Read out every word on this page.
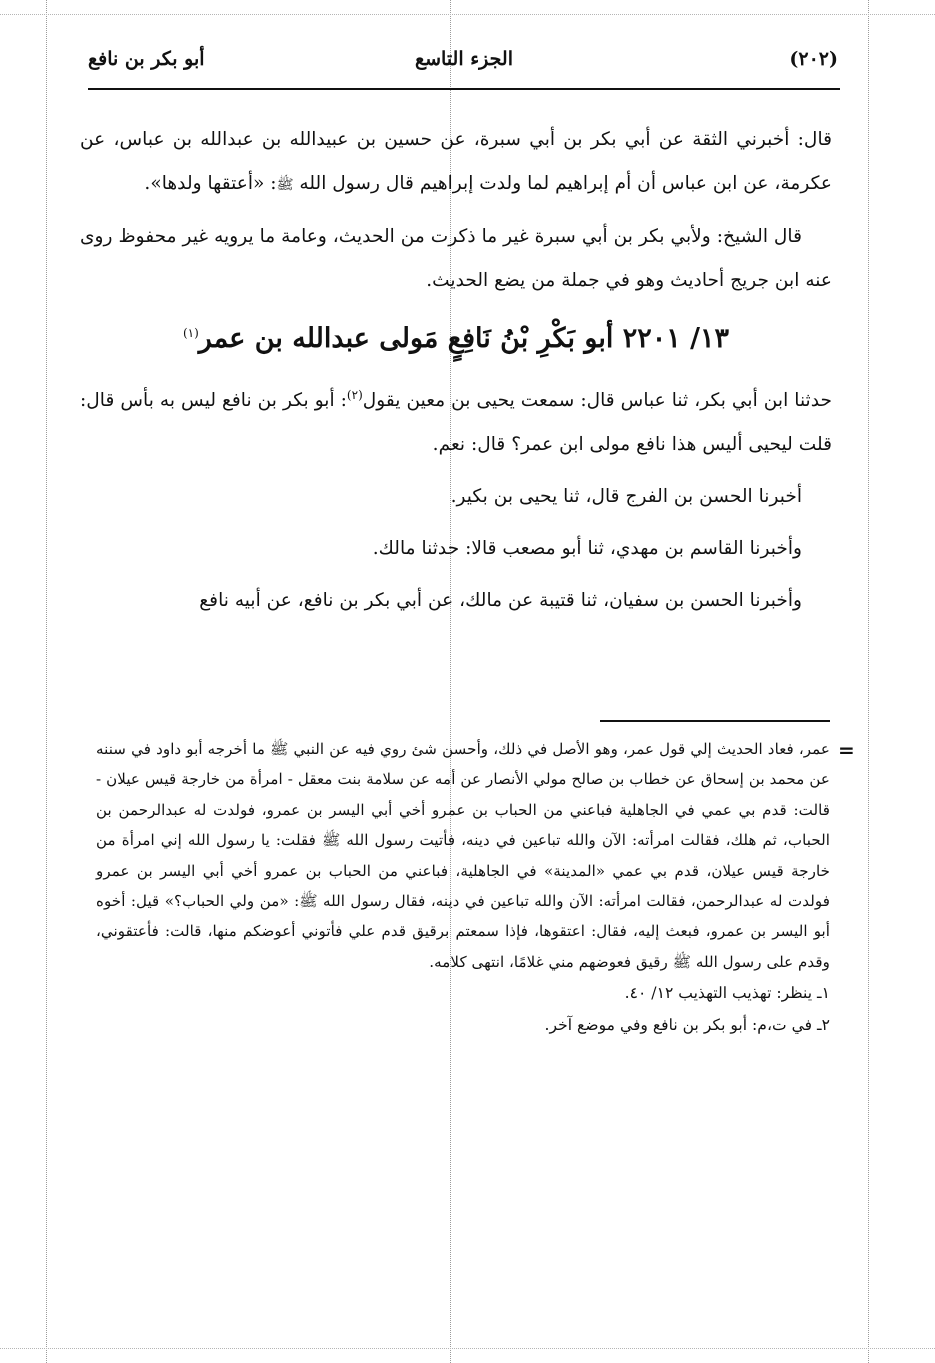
(٢٠٢)
الجزء التاسع
أبو بكر بن نافع

قال: أخبرني الثقة عن أبي بكر بن أبي سبرة، عن حسين بن عبيدالله بن عبدالله بن عباس، عن عكرمة، عن ابن عباس أن أم إبراهيم لما ولدت إبراهيم قال رسول الله ﷺ: «أعتقها ولدها».

قال الشيخ: ولأبي بكر بن أبي سبرة غير ما ذكرت من الحديث، وعامة ما يرويه غير محفوظ روى عنه ابن جريج أحاديث وهو في جملة من يضع الحديث.

١٣/ ٢٢٠١ أبو بَكْرِ بْنُ نَافِعٍ مَولى عبدالله بن عمر$^{(١)}$

حدثنا ابن أبي بكر، ثنا عباس قال: سمعت يحيى بن معين يقول$^{(٢)}$: أبو بكر بن نافع ليس به بأس قال: قلت ليحيى أليس هذا نافع مولى ابن عمر؟ قال: نعم.

أخبرنا الحسن بن الفرج قال، ثنا يحيى بن بكير.

وأخبرنا القاسم بن مهدي، ثنا أبو مصعب قالا: حدثنا مالك.

وأخبرنا الحسن بن سفيان، ثنا قتيبة عن مالك، عن أبي بكر بن نافع، عن أبيه نافع

=

عمر، فعاد الحديث إلي قول عمر، وهو الأصل في ذلك، وأحسن شئ روي فيه عن النبي ﷺ ما أخرجه أبو داود في سننه عن محمد بن إسحاق عن خطاب بن صالح مولي الأنصار عن أمه عن سلامة بنت معقل - امرأة من خارجة قيس عيلان - قالت: قدم بي عمي في الجاهلية فباعني من الحباب بن عمرو أخي أبي اليسر بن عمرو، فولدت له عبدالرحمن بن الحباب، ثم هلك، فقالت امرأته: الآن والله تباعين في دينه، فأتيت رسول الله ﷺ فقلت: يا رسول الله إني امرأة من خارجة قيس عيلان، قدم بي عمي «المدينة» في الجاهلية، فباعني من الحباب بن عمرو أخي أبي اليسر بن عمرو فولدت له عبدالرحمن، فقالت امرأته: الآن والله تباعين في دينه، فقال رسول الله ﷺ: «من ولي الحباب؟» قيل: أخوه أبو اليسر بن عمرو، فبعث إليه، فقال: اعتقوها، فإذا سمعتم برقيق قدم علي فأتوني أعوضكم منها، قالت: فأعتقوني، وقدم على رسول الله ﷺ رقيق فعوضهم مني غلامًا، انتهى كلامه.

١ـ ينظر: تهذيب التهذيب ١٢/ ٤٠.

٢ـ في ت،م: أبو بكر بن نافع وفي موضع آخر.
